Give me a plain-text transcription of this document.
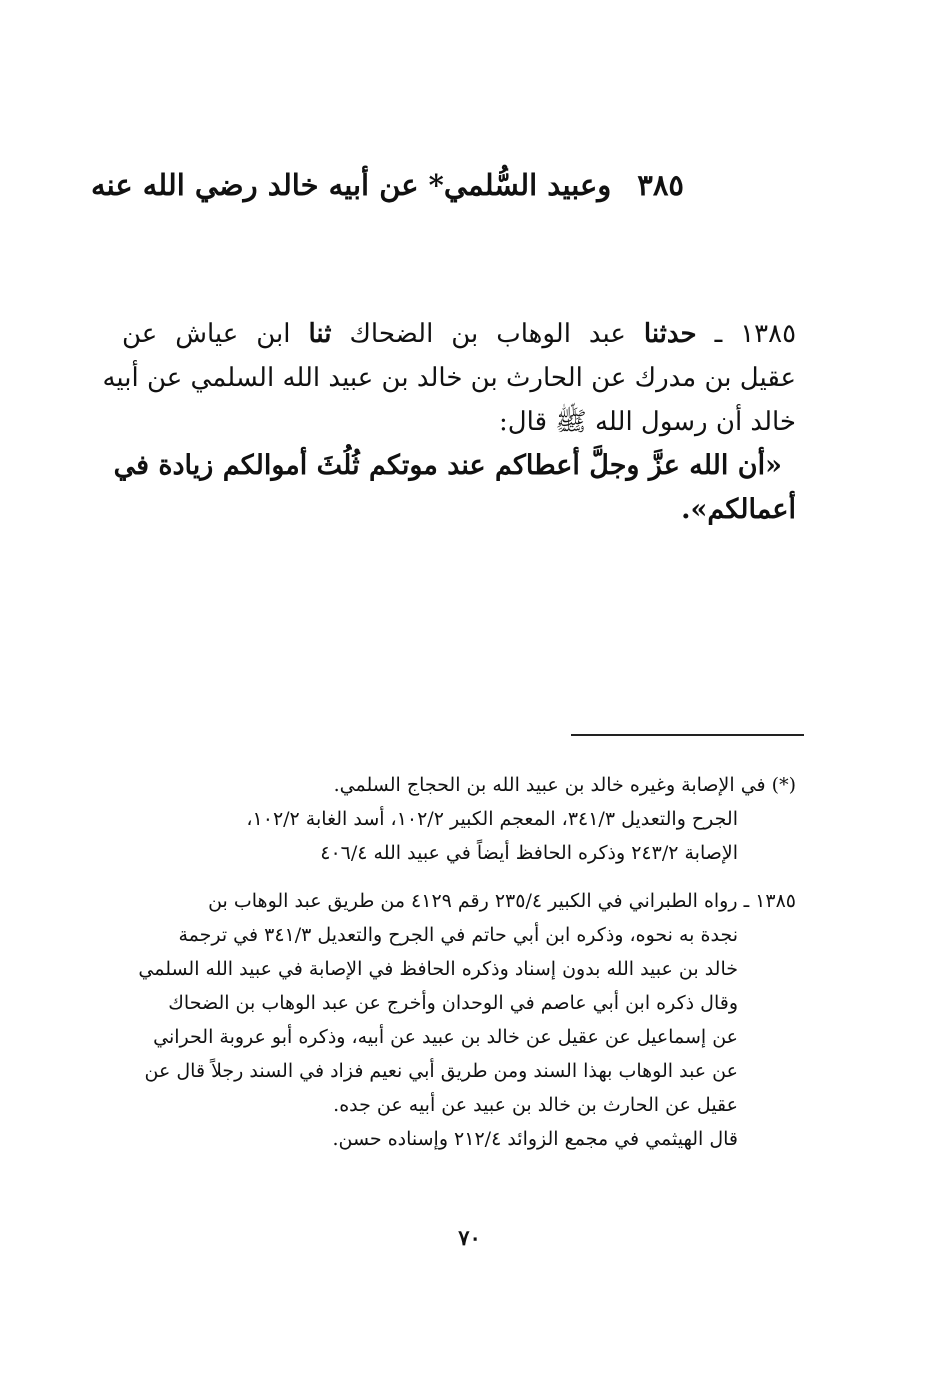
٣٨٥وعبيد السُّلمي* عن أبيه خالد رضي الله عنه
١٣٨٥ ـ حدثنا عبد الوهاب بن الضحاك ثنا ابن عياش عن
عقيل بن مدرك عن الحارث بن خالد بن عبيد الله السلمي عن أبيه
خالد أن رسول الله ﷺ قال:
«أن الله عزَّ وجلَّ أعطاكم عند موتكم ثُلُثَ أموالكم زيادة في
أعمالكم».
(*) في الإصابة وغيره خالد بن عبيد الله بن الحجاج السلمي.
الجرح والتعديل ٣٤١/٣، المعجم الكبير ١٠٢/٢، أسد الغابة ١٠٢/٢،
الإصابة ٢٤٣/٢ وذكره الحافظ أيضاً في عبيد الله ٤٠٦/٤
١٣٨٥ ـ رواه الطبراني في الكبير ٢٣٥/٤ رقم ٤١٢٩ من طريق عبد الوهاب بن
نجدة به نحوه، وذكره ابن أبي حاتم في الجرح والتعديل ٣٤١/٣ في ترجمة
خالد بن عبيد الله بدون إسناد وذكره الحافظ في الإصابة في عبيد الله السلمي
وقال ذكره ابن أبي عاصم في الوحدان وأخرج عن عبد الوهاب بن الضحاك
عن إسماعيل عن عقيل عن خالد بن عبيد عن أبيه، وذكره أبو عروبة الحراني
عن عبد الوهاب بهذا السند ومن طريق أبي نعيم فزاد في السند رجلاً قال عن
عقيل عن الحارث بن خالد بن عبيد عن أبيه عن جده.
قال الهيثمي في مجمع الزوائد ٢١٢/٤ وإسناده حسن.
٧٠
